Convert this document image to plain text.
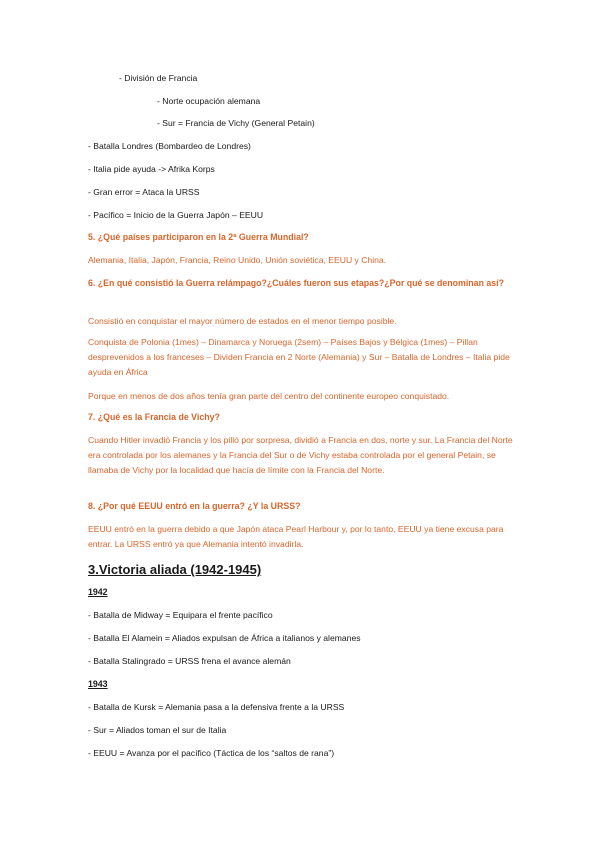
- División de Francia
- Norte ocupación alemana
- Sur = Francia de Vichy (General Petain)
- Batalla Londres (Bombardeo de Londres)
- Italia pide ayuda -> Afrika Korps
- Gran error = Ataca la URSS
- Pacífico = Inicio de la Guerra Japón – EEUU
5. ¿Qué países participaron en la 2ª Guerra Mundial?
Alemania, Italia, Japón, Francia, Reino Unido, Unión soviética, EEUU y China.
6. ¿En qué consistió la Guerra relámpago?¿Cuáles fueron sus etapas?¿Por qué se denominan así?
Consistió en conquistar el mayor número de estados en el menor tiempo posible.
Conquista de Polonia (1mes) – Dinamarca y Noruega (2sem) – Países Bajos y Bélgica (1mes) – Pillan desprevenidos a los franceses – Dividen Francia en 2 Norte (Alemania) y Sur – Batalla de Londres – Italia pide ayuda en África
Porque en menos de dos años tenía gran parte del centro del continente europeo conquistado.
7. ¿Qué es la Francia de Vichy?
Cuando Hitler invadió Francia y los pilló por sorpresa, dividió a Francia en dos, norte y sur. La Francia del Norte era controlada por los alemanes y la Francia del Sur o de Vichy estaba controlada por el general Petain, se llamaba de Vichy por la localidad que hacía de límite con la Francia del Norte.
8. ¿Por qué EEUU entró en la guerra? ¿Y la URSS?
EEUU entró en la guerra debido a que Japón ataca Pearl Harbour y, por lo tanto, EEUU ya tiene excusa para entrar. La URSS entró ya que Alemania intentó invadirla.
3.Victoria aliada (1942-1945)
1942
- Batalla de Midway = Equipara el frente pacífico
- Batalla El Alamein = Aliados expulsan de África a italianos y alemanes
- Batalla Stalingrado = URSS frena el avance alemán
1943
- Batalla de Kursk = Alemania pasa a la defensiva frente a la URSS
- Sur = Aliados toman el sur de Italia
- EEUU = Avanza por el pacífico (Táctica de los “saltos de rana”)
